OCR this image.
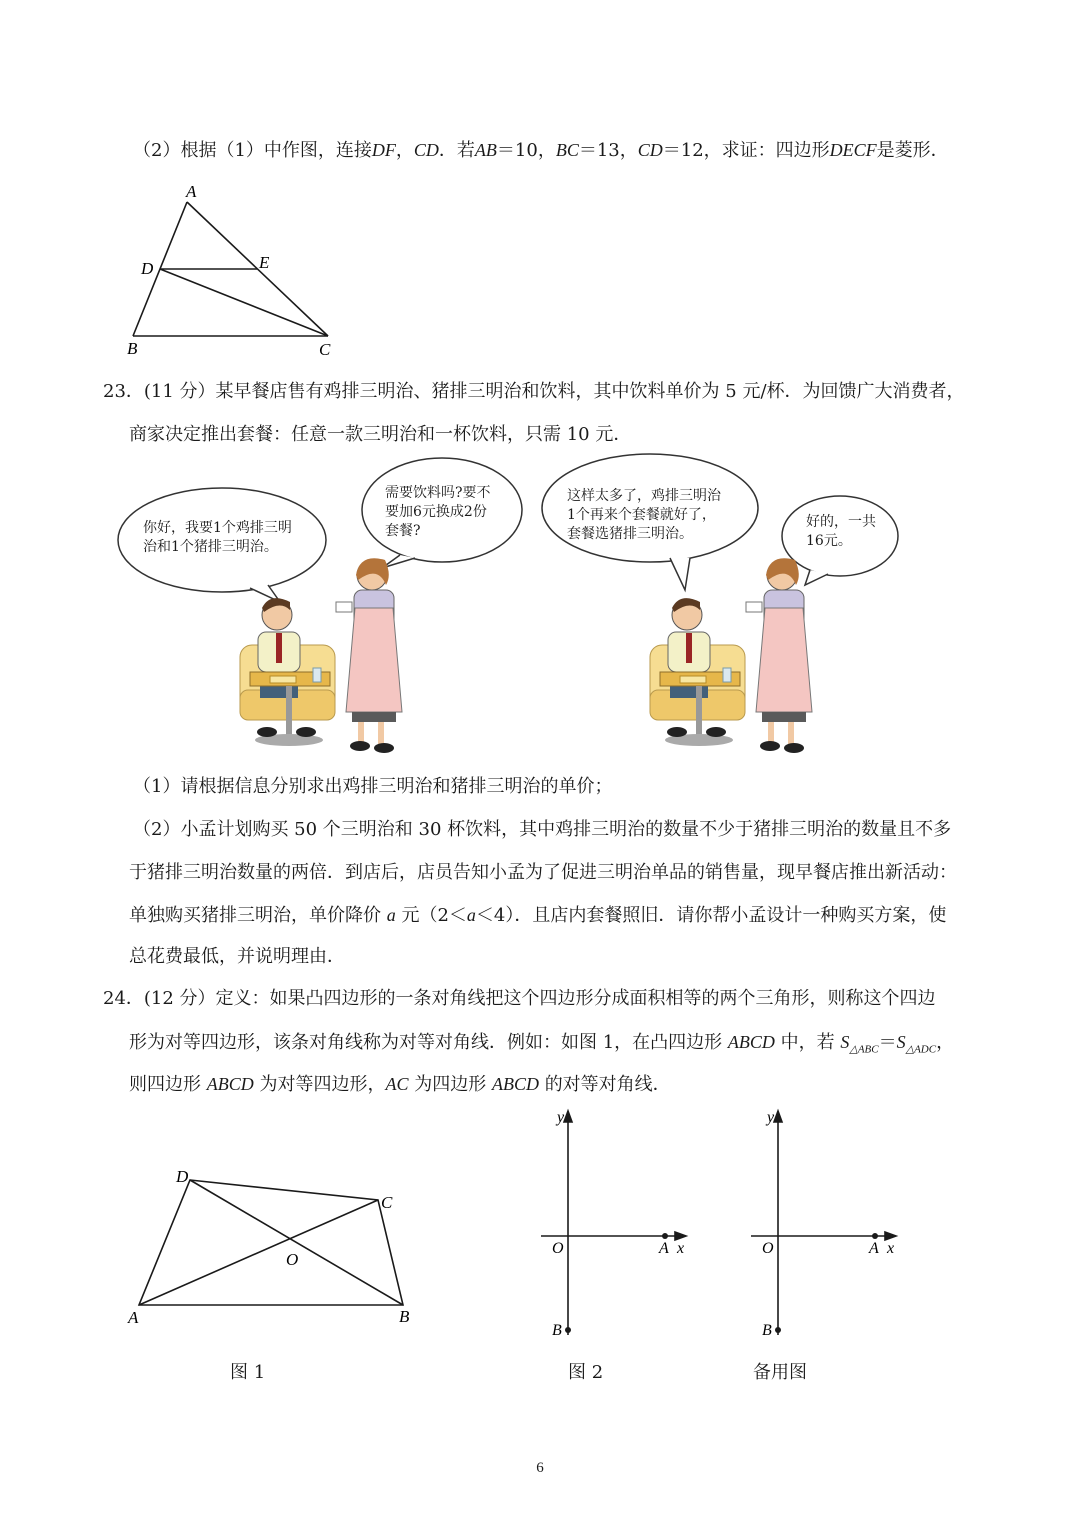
（2）根据（1）中作图，连接DF，CD．若AB＝10，BC＝13，CD＝12，求证：四边形DECF是菱形．
A
D	E
B	C
23．(11 分）某早餐店售有鸡排三明治、猪排三明治和饮料，其中饮料单价为 5 元/杯．为回馈广大消费者，
商家决定推出套餐：任意一款三明治和一杯饮料，只需 10 元．
你好，我要1个鸡排三明
治和1个猪排三明治。
需要饮料吗?要不
要加6元换成2份
套餐?
这样太多了，鸡排三明治
1个再来个套餐就好了，
套餐选猪排三明治。
好的，一共
16元。
（1）请根据信息分别求出鸡排三明治和猪排三明治的单价；
（2）小孟计划购买 50 个三明治和 30 杯饮料，其中鸡排三明治的数量不少于猪排三明治的数量且不多
于猪排三明治数量的两倍．到店后，店员告知小孟为了促进三明治单品的销售量，现早餐店推出新活动：
单独购买猪排三明治，单价降价 a 元（2＜a＜4）．且店内套餐照旧．请你帮小孟设计一种购买方案，使
总花费最低，并说明理由．
24．(12 分）定义：如果凸四边形的一条对角线把这个四边形分成面积相等的两个三角形，则称这个四边
形为对等四边形，该条对角线称为对等对角线．例如：如图 1，在凸四边形 ABCD 中，若 $S_{\triangle ABC}=S_{\triangle ADC}$，
则四边形 ABCD 为对等四边形，AC 为四边形 ABCD 的对等对角线．
D
C
O
A	B
y
O	A x
B
y
O	A x
B
图 1	图 2	备用图
6
